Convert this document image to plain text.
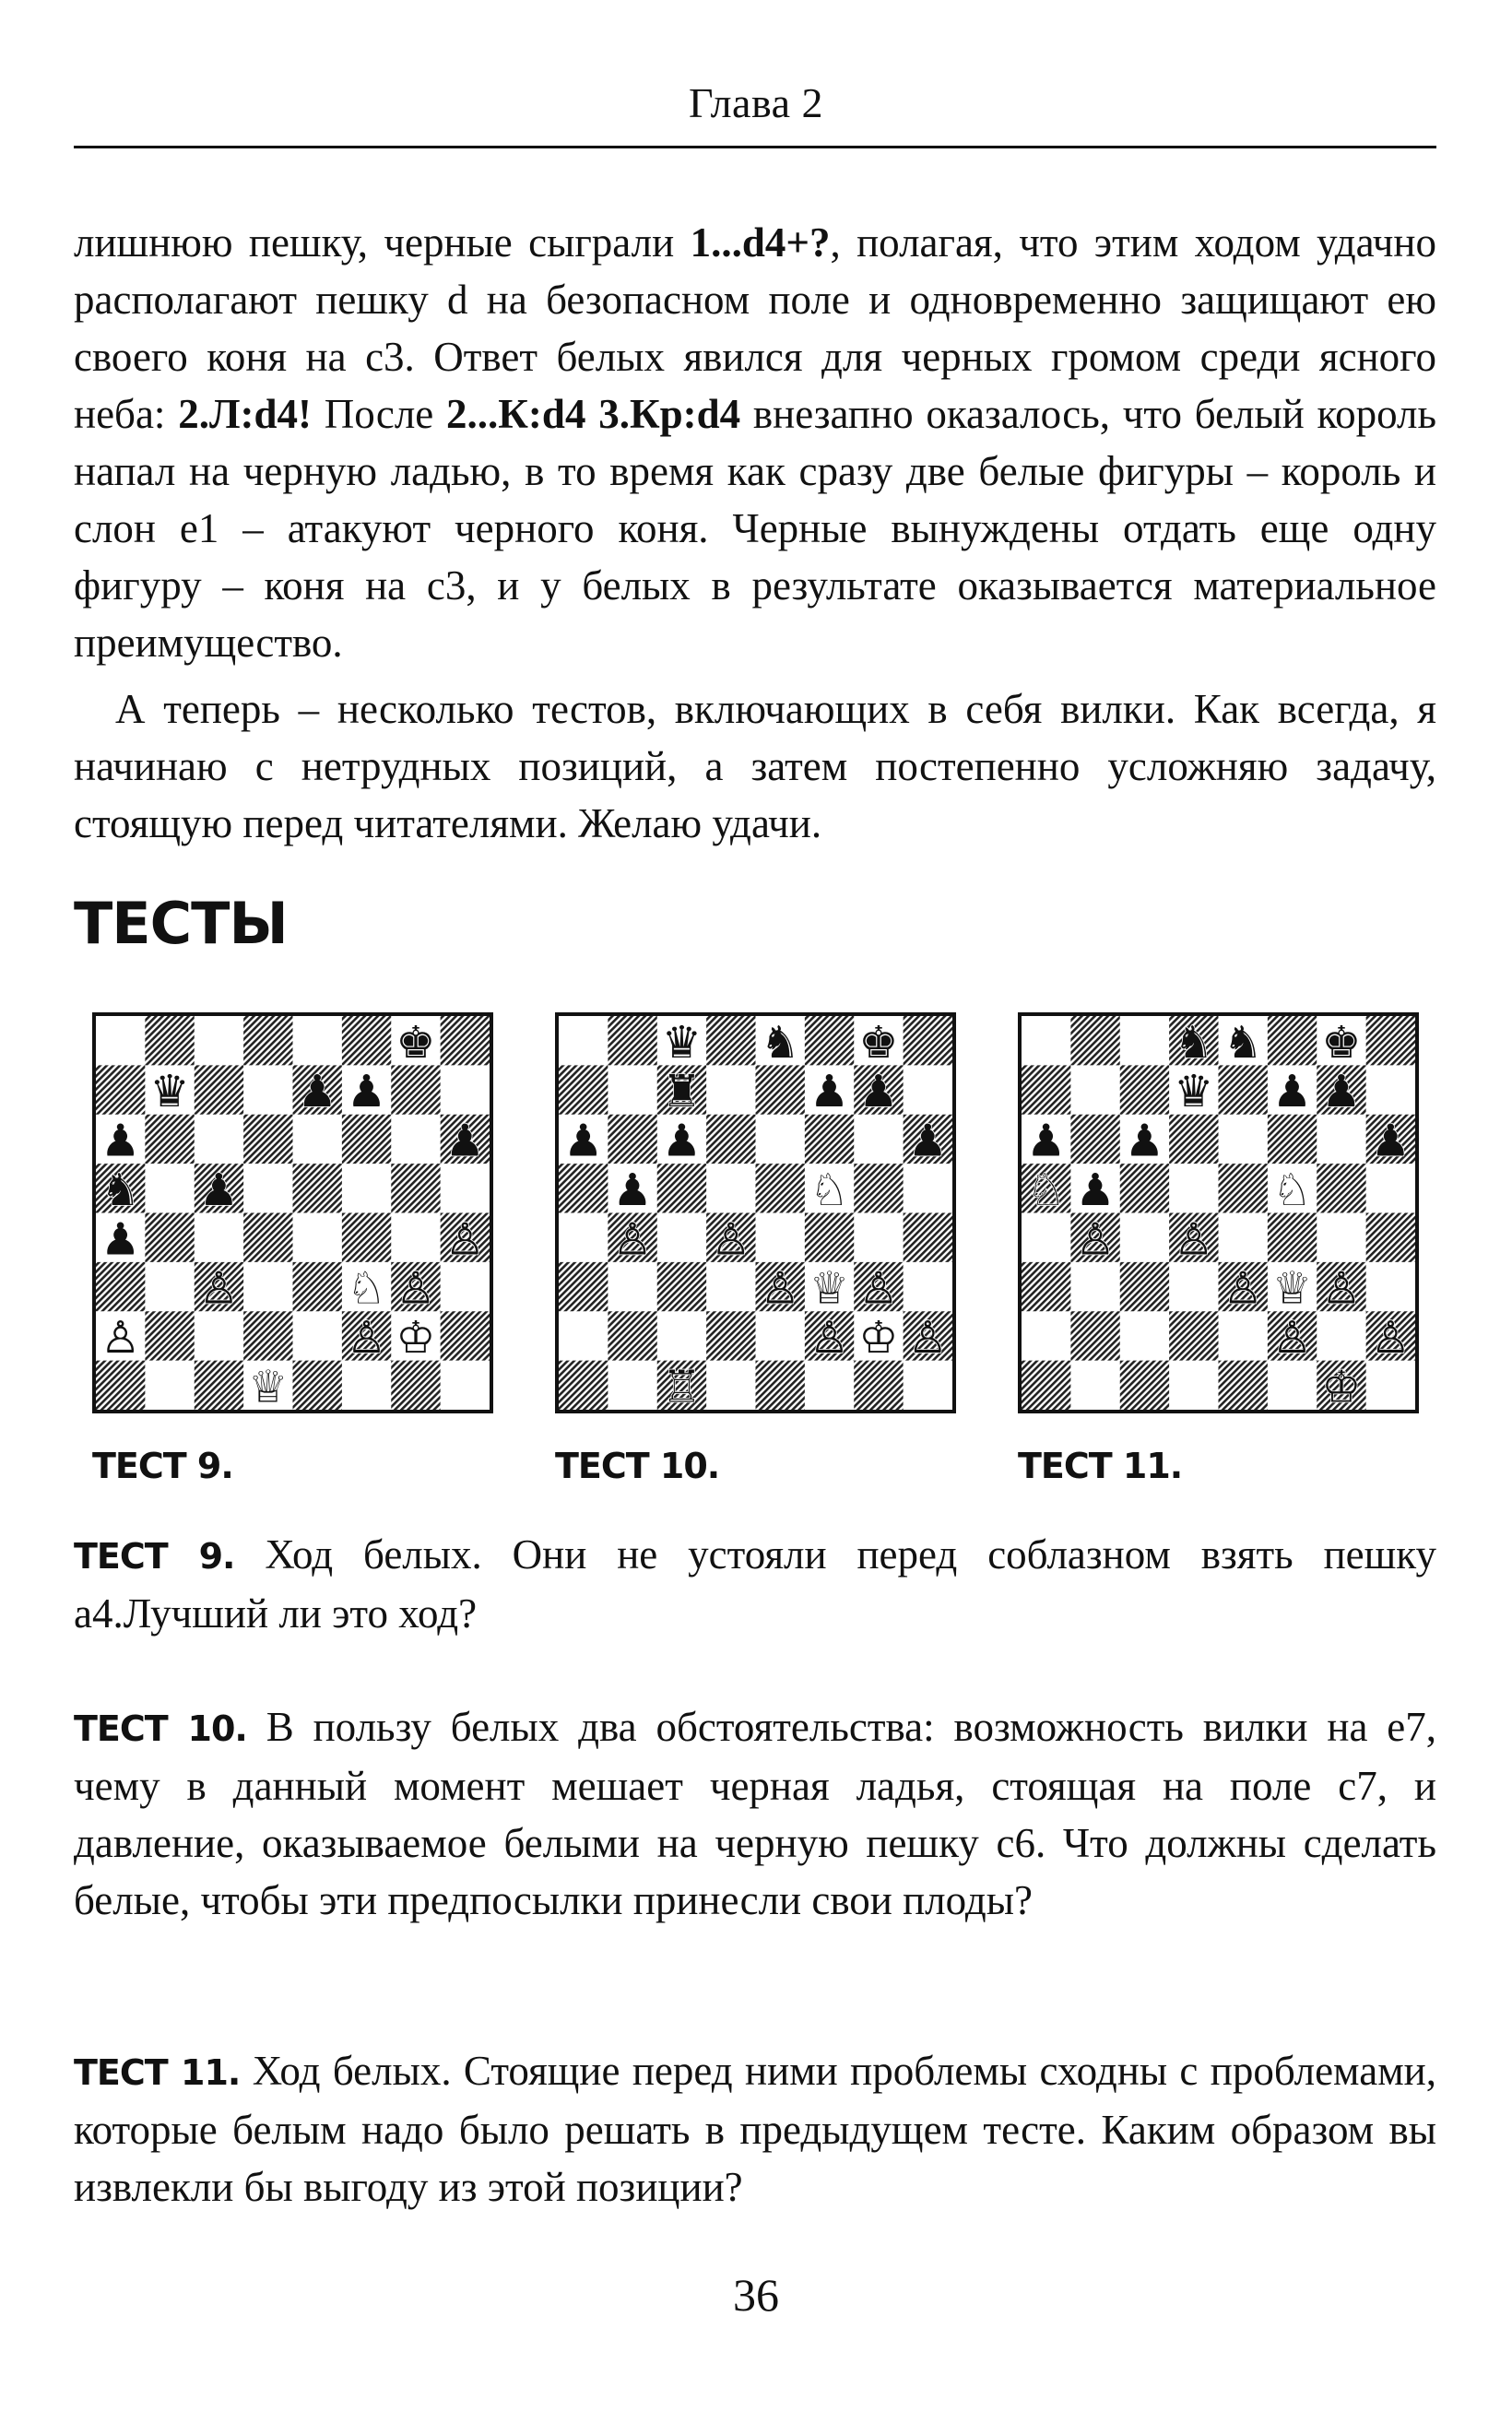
Глава 2

лишнюю пешку, черные сыграли 1...d4+?, полагая, что этим ходом удачно располагают пешку d на безопасном поле и одновременно защищают ею своего коня на с3. Ответ белых явился для черных громом среди ясного неба: 2.Л:d4! После 2...К:d4 3.Кр:d4 внезапно оказалось, что белый король напал на черную ладью, в то время как сразу две белые фигуры – король и слон е1 – атакуют черного коня. Черные вынуждены отдать еще одну фигуру – коня на с3, и у белых в результате оказывается материальное преимущество.

А теперь – несколько тестов, включающих в себя вилки. Как всегда, я начинаю с нетрудных позиций, а затем постепенно усложняю задачу, стоящую перед читателями. Желаю удачи.

ТЕСТЫ
♚
♛ ♟ ♟
♟	♟
♞ ♟
♟	♙
♙ ♘ ♙
♙	♙ ♔
♕
♛ ♞ ♚
♜ ♟ ♟
♟ ♟	♟
♟	♘
♙ ♙
♙ ♕ ♙
♙ ♔ ♙
♖
♞ ♞ ♚
♛ ♟ ♟
♟ ♟	♟
♘ ♟	♘
♙ ♙
♙ ♕ ♙
♙ ♙
♔
ТЕСТ 9.	ТЕСТ 10.	ТЕСТ 11.

ТЕСТ 9. Ход белых. Они не устояли перед соблазном взять пешку а4.Лучший ли это ход?

ТЕСТ 10. В пользу белых два обстоятельства: возможность вилки на е7, чему в данный момент мешает черная ладья, стоящая на поле с7, и давление, оказываемое белыми на черную пешку с6. Что должны сделать белые, чтобы эти предпосылки принесли свои плоды?

ТЕСТ 11. Ход белых. Стоящие перед ними проблемы сходны с проблемами, которые белым надо было решать в предыдущем тесте. Каким образом вы извлекли бы выгоду из этой позиции?

36
